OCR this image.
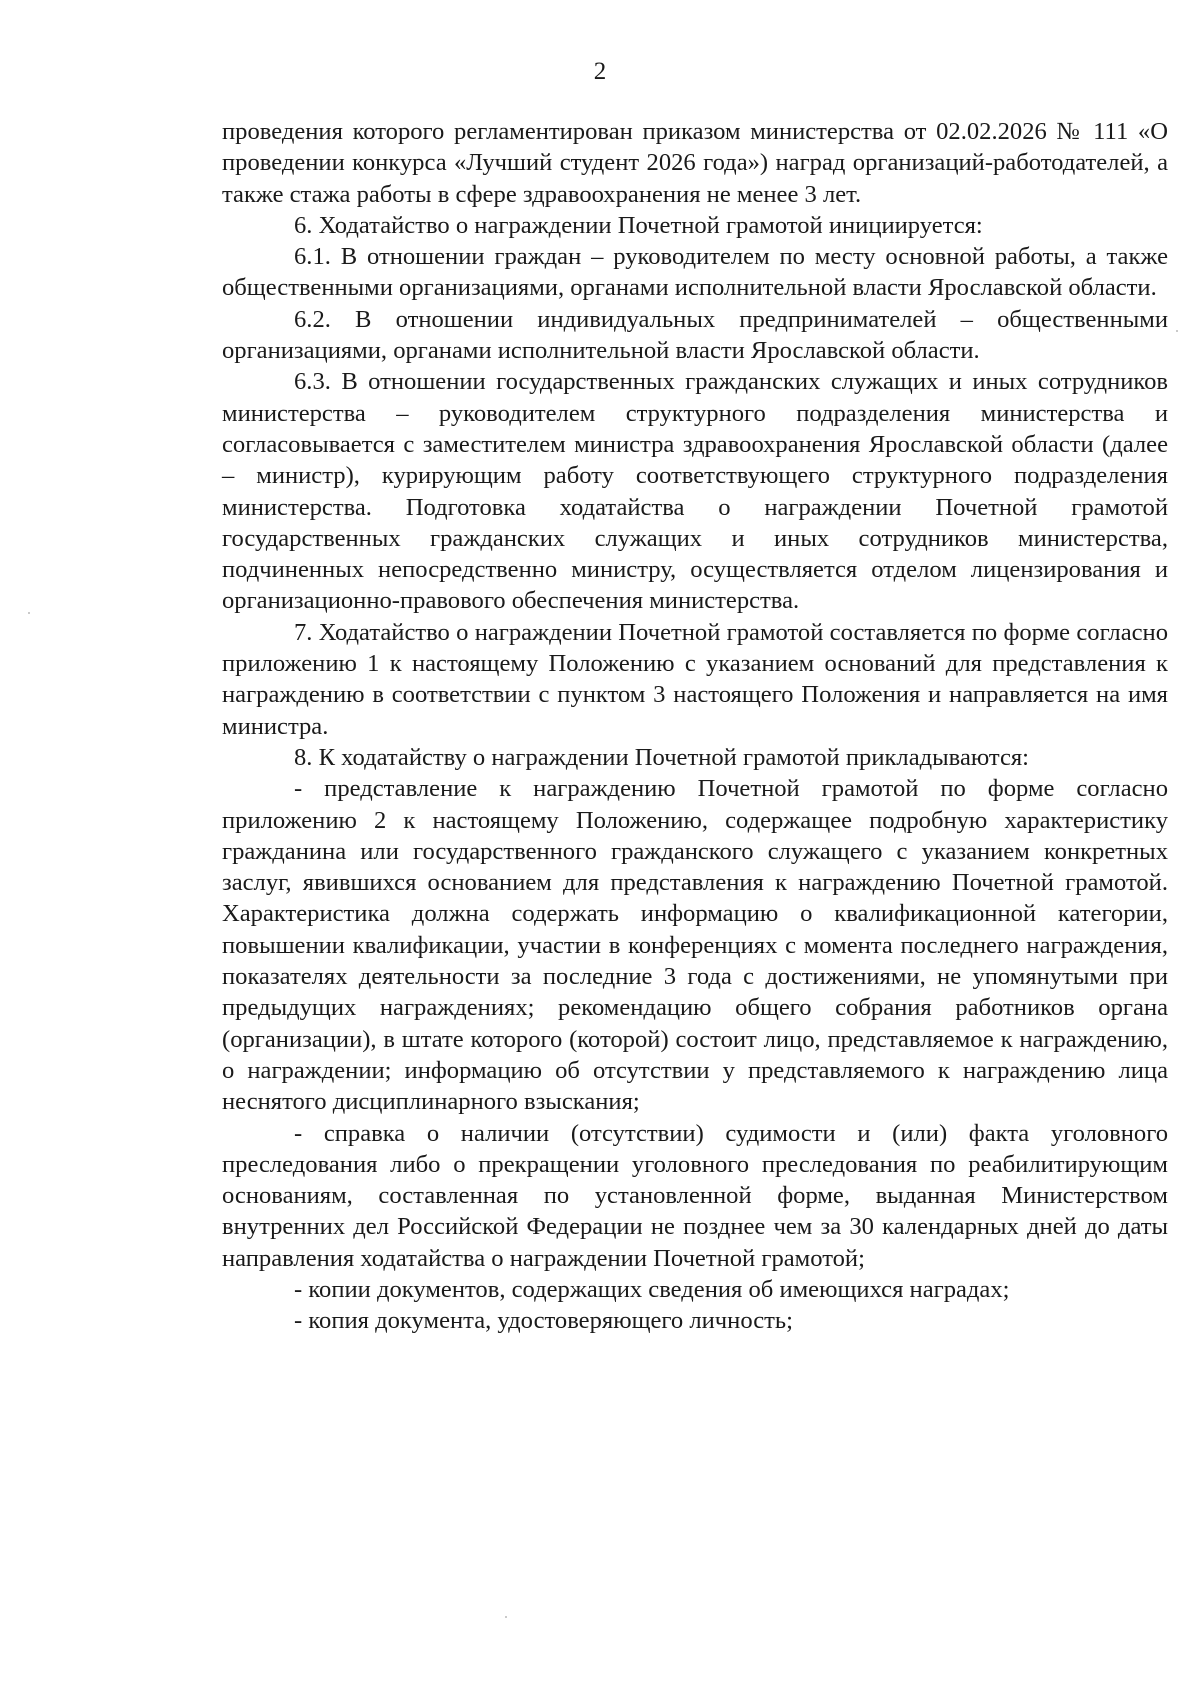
2

проведения которого регламентирован приказом министерства от 02.02.2026 № 111 «О проведении конкурса «Лучший студент 2026 года») наград организаций-работодателей, а также стажа работы в сфере здравоохранения не менее 3 лет.

6. Ходатайство о награждении Почетной грамотой инициируется:

6.1. В отношении граждан – руководителем по месту основной работы, а также общественными организациями, органами исполнительной власти Ярославской области.

6.2. В отношении индивидуальных предпринимателей – общественными организациями, органами исполнительной власти Ярославской области.

6.3. В отношении государственных гражданских служащих и иных сотрудников министерства – руководителем структурного подразделения министерства и согласовывается с заместителем министра здравоохранения Ярославской области (далее – министр), курирующим работу соответствующего структурного подразделения министерства. Подготовка ходатайства о награждении Почетной грамотой государственных гражданских служащих и иных сотрудников министерства, подчиненных непосредственно министру, осуществляется отделом лицензирования и организационно-правового обеспечения министерства.

7. Ходатайство о награждении Почетной грамотой составляется по форме согласно приложению 1 к настоящему Положению с указанием оснований для представления к награждению в соответствии с пунктом 3 настоящего Положения и направляется на имя министра.

8. К ходатайству о награждении Почетной грамотой прикладываются:

- представление к награждению Почетной грамотой по форме согласно приложению 2 к настоящему Положению, содержащее подробную характеристику гражданина или государственного гражданского служащего с указанием конкретных заслуг, явившихся основанием для представления к награждению Почетной грамотой. Характеристика должна содержать информацию о квалификационной категории, повышении квалификации, участии в конференциях с момента последнего награждения, показателях деятельности за последние 3 года с достижениями, не упомянутыми при предыдущих награждениях; рекомендацию общего собрания работников органа (организации), в штате которого (которой) состоит лицо, представляемое к награждению, о награждении; информацию об отсутствии у представляемого к награждению лица неснятого дисциплинарного взыскания;

- справка о наличии (отсутствии) судимости и (или) факта уголовного преследования либо о прекращении уголовного преследования по реабилитирующим основаниям, составленная по установленной форме, выданная Министерством внутренних дел Российской Федерации не позднее чем за 30 календарных дней до даты направления ходатайства о награждении Почетной грамотой;

- копии документов, содержащих сведения об имеющихся наградах;

- копия документа, удостоверяющего личность;
